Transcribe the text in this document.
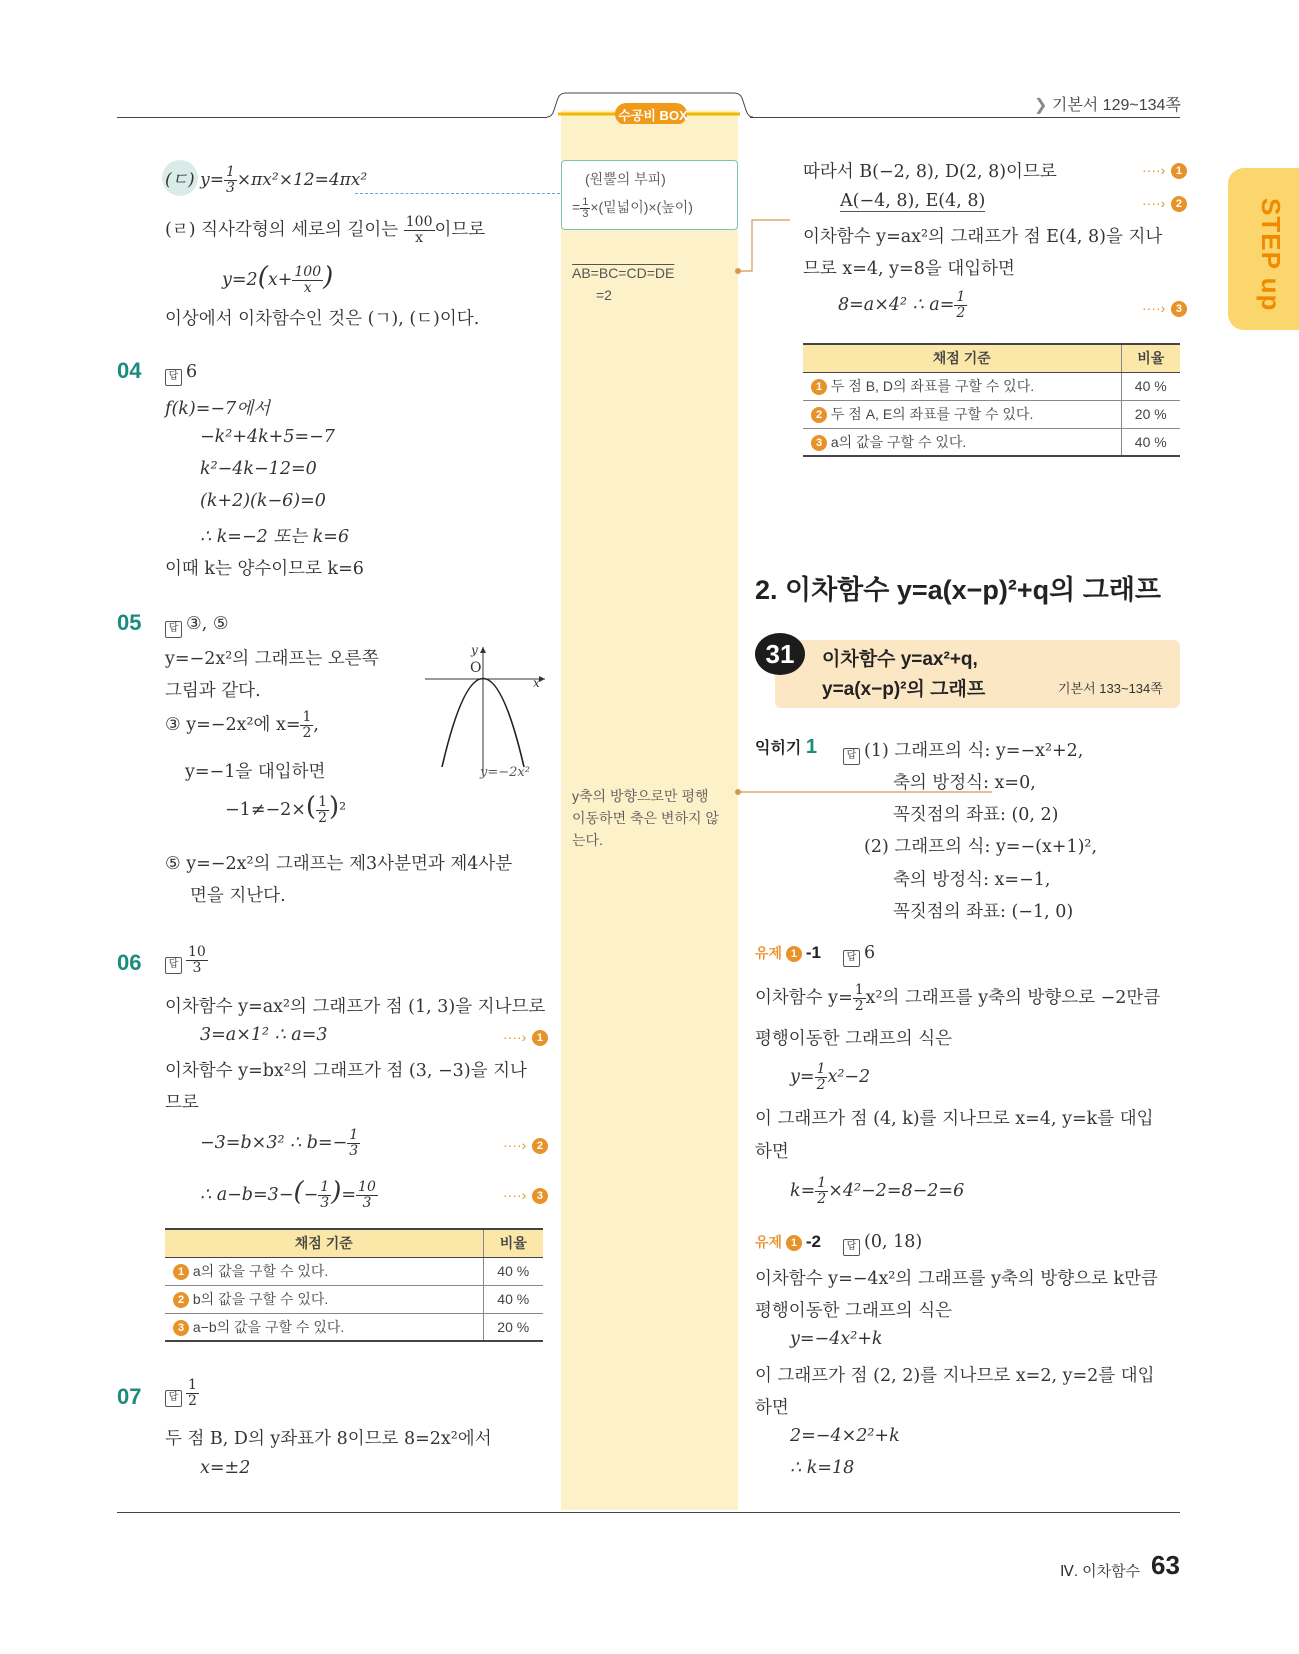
수공비 BOX
❯ 기본서 129~134쪽
STEP up
(ㄷ) $y= \frac{1}{3} \times\pi x^2\times 12=4\pi x^2$
(ㄹ) 직사각형의 세로의 길이는 $\frac{100}{x}$ 이므로
$y=2(x+ \frac{100}{x}$ )
이상에서 이차함수인 것은 (ㄱ), (ㄷ)이다.
04	답 6
f(k)=−7에서
−k²+4k+5=−7
k²−4k−12=0
(k+2)(k−6)=0
∴ k=−2 또는 k=6
이때 k는 양수이므로 k=6
05	답 ③, ⑤
y=−2x²의 그래프는 오른쪽
그림과 같다.
③ y=−2x²에 $x= \frac{1}{2}$ ,
y=−1을 대입하면
$-1\ne-2\times( \frac{1}{2} )^2$
⑤ y=−2x²의 그래프는 제3사분면과 제4사분
면을 지난다.
y
x
O
y=−2x²
06	답 $\frac{10}{3}$
이차함수 y=ax²의 그래프가 점 (1, 3)을 지나므로
3=a×1² ∴ a=3	····› 1
이차함수 y=bx²의 그래프가 점 (3, −3)을 지나
므로
−3=b×3² ∴ $b=- \frac{1}{3}$	····› 2
∴ $a-b=3-(- \frac{1}{3}$ )= $\frac{10}{3}$	····› 3
채점 기준	비율
1 a의 값을 구할 수 있다.	40 %
2 b의 값을 구할 수 있다.	40 %
3 a−b의 값을 구할 수 있다.	20 %
07	답 $\frac{1}{2}$
두 점 B, D의 y좌표가 8이므로 8=2x²에서
x=±2
(원뿔의 부피)
= $\frac{1}{3}$ ×(밑넓이)×(높이)
AB=BC=CD=DE
=2
y축의 방향으로만 평행
이동하면 축은 변하지 않
는다.
따라서 B(−2, 8), D(2, 8)이므로	····› 1
A(−4, 8), E(4, 8)	····› 2
이차함수 y=ax²의 그래프가 점 E(4, 8)을 지나
므로 x=4, y=8을 대입하면
8=a×4² ∴ $a= \frac{1}{2}$	····› 3
채점 기준	비율
1 두 점 B, D의 좌표를 구할 수 있다.	40 %
2 두 점 A, E의 좌표를 구할 수 있다.	20 %
3 a의 값을 구할 수 있다.	40 %
2. 이차함수 y=a(x−p)²+q의 그래프
31	이차함수 y=ax²+q,
y=a(x−p)²의 그래프	기본서 133~134쪽
익히기 1	답 (1) 그래프의 식: y=−x²+2,
축의 방정식: x=0,
꼭짓점의 좌표: (0, 2)
(2) 그래프의 식: y=−(x+1)²,
축의 방정식: x=−1,
꼭짓점의 좌표: (−1, 0)
유제 1 -1	답 6
이차함수 $y= \frac{1}{2} x^2$의 그래프를 y축의 방향으로 −2만큼
평행이동한 그래프의 식은
$y= \frac{1}{2} x^2-2$
이 그래프가 점 (4, k)를 지나므로 x=4, y=k를 대입
하면
$k= \frac{1}{2} \times 4^2-2=8-2=6$
유제 1 -2	답 (0, 18)
이차함수 y=−4x²의 그래프를 y축의 방향으로 k만큼
평행이동한 그래프의 식은
y=−4x²+k
이 그래프가 점 (2, 2)를 지나므로 x=2, y=2를 대입
하면
2=−4×2²+k
∴ k=18
Ⅳ. 이차함수 63
